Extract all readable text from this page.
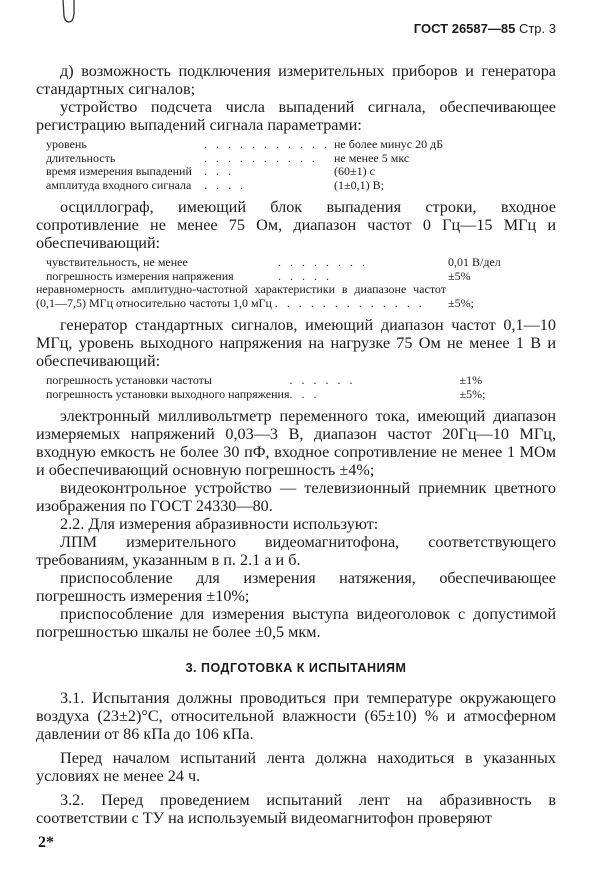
ГОСТ 26587—85 Стр. 3

д) возможность подключения измерительных приборов и генератора стандартных сигналов;

устройство подсчета числа выпадений сигнала, обеспечивающее регистрацию выпадений сигнала параметрами:

уровень	. . . . . . . . . . .	не более минус 20 дБ
длительность	. . . . . . . . . .	не менее 5 мкс
время измерения выпадений	. . .	(60±1) с
амплитуда входного сигнала	. . . .	(1±0,1) В;

осциллограф, имеющий блок выпадения строки, входное сопротивление не менее 75 Ом, диапазон частот 0 Гц—15 МГц и обеспечивающий:

чувствительность, не менее	. . . . . . . .	0,01 В/дел
погрешность измерения напряжения	. . . . .	±5%
неравномерность амплитудно-частотной характеристики в диапазоне частот (0,1—7,5) МГц относительно частоты 1,0 мГц . . . . . . . . . . . . .		±5%;

генератор стандартных сигналов, имеющий диапазон частот 0,1—10 МГц, уровень выходного напряжения на нагрузке 75 Ом не менее 1 В и обеспечивающий:

погрешность установки частоты	. . . . . .	±1%
погрешность установки выходного напряжения	. . .	±5%;

электронный милливольтметр переменного тока, имеющий диапазон измеряемых напряжений 0,03—3 В, диапазон частот 20Гц—10 МГц, входную емкость не более 30 пФ, входное сопротивление не менее 1 МОм и обеспечивающий основную погрешность ±4%;

видеоконтрольное устройство — телевизионный приемник цветного изображения по ГОСТ 24330—80.

2.2. Для измерения абразивности используют:

ЛПМ измерительного видеомагнитофона, соответствующего требованиям, указанным в п. 2.1 а и б.

приспособление для измерения натяжения, обеспечивающее погрешность измерения ±10%;

приспособление для измерения выступа видеоголовок с допустимой погрешностью шкалы не более ±0,5 мкм.

3. ПОДГОТОВКА К ИСПЫТАНИЯМ

3.1. Испытания должны проводиться при температуре окружающего воздуха (23±2)°С, относительной влажности (65±10) % и атмосферном давлении от 86 кПа до 106 кПа.

Перед началом испытаний лента должна находиться в указанных условиях не менее 24 ч.

3.2. Перед проведением испытаний лент на абразивность в соответствии с ТУ на используемый видеомагнитофон проверяют

2*
